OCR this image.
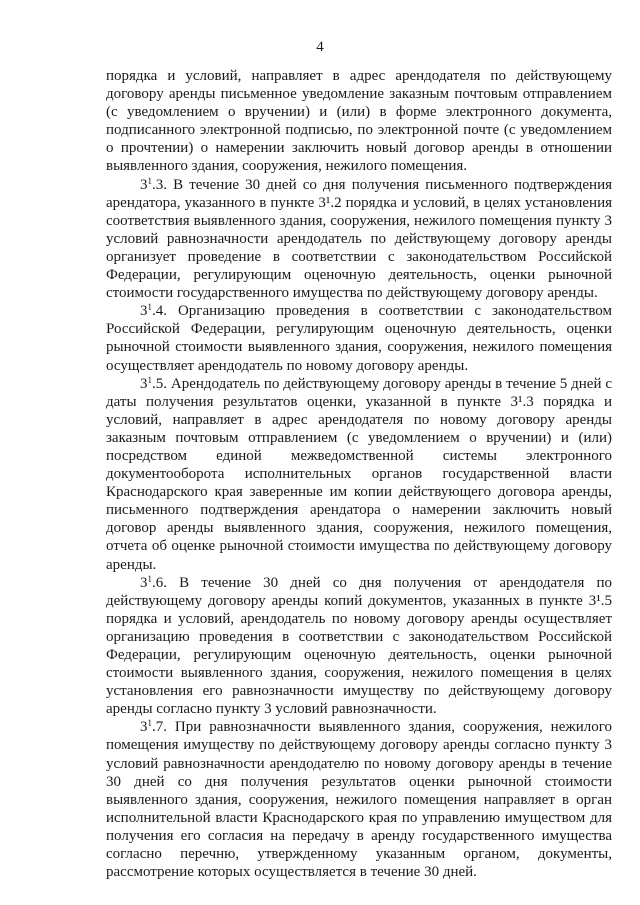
4

порядка и условий, направляет в адрес арендодателя по действующему договору аренды письменное уведомление заказным почтовым отправлением (с уведомлением о вручении) и (или) в форме электронного документа, подписанного электронной подписью, по электронной почте (с уведомлением о прочтении) о намерении заключить новый договор аренды в отношении выявленного здания, сооружения, нежилого помещения.

$3^1.3$. В течение 30 дней со дня получения письменного подтверждения арендатора, указанного в пункте 3¹.2 порядка и условий, в целях установления соответствия выявленного здания, сооружения, нежилого помещения пункту 3 условий равнозначности арендодатель по действующему договору аренды организует проведение в соответствии с законодательством Российской Федерации, регулирующим оценочную деятельность, оценки рыночной стоимости государственного имущества по действующему договору аренды.

$3^1.4$. Организацию проведения в соответствии с законодательством Российской Федерации, регулирующим оценочную деятельность, оценки рыночной стоимости выявленного здания, сооружения, нежилого помещения осуществляет арендодатель по новому договору аренды.

$3^1.5$. Арендодатель по действующему договору аренды в течение 5 дней с даты получения результатов оценки, указанной в пункте 3¹.3 порядка и условий, направляет в адрес арендодателя по новому договору аренды заказным почтовым отправлением (с уведомлением о вручении) и (или) посредством единой межведомственной системы электронного документооборота исполнительных органов государственной власти Краснодарского края заверенные им копии действующего договора аренды, письменного подтверждения арендатора о намерении заключить новый договор аренды выявленного здания, сооружения, нежилого помещения, отчета об оценке рыночной стоимости имущества по действующему договору аренды.

$3^1.6$. В течение 30 дней со дня получения от арендодателя по действующему договору аренды копий документов, указанных в пункте 3¹.5 порядка и условий, арендодатель по новому договору аренды осуществляет организацию проведения в соответствии с законодательством Российской Федерации, регулирующим оценочную деятельность, оценки рыночной стоимости выявленного здания, сооружения, нежилого помещения в целях установления его равнозначности имуществу по действующему договору аренды согласно пункту 3 условий равнозначности.

$3^1.7$. При равнозначности выявленного здания, сооружения, нежилого помещения имуществу по действующему договору аренды согласно пункту 3 условий равнозначности арендодателю по новому договору аренды в течение 30 дней со дня получения результатов оценки рыночной стоимости выявленного здания, сооружения, нежилого помещения направляет в орган исполнительной власти Краснодарского края по управлению имуществом для получения его согласия на передачу в аренду государственного имущества согласно перечню, утвержденному указанным органом, документы, рассмотрение которых осуществляется в течение 30 дней.
